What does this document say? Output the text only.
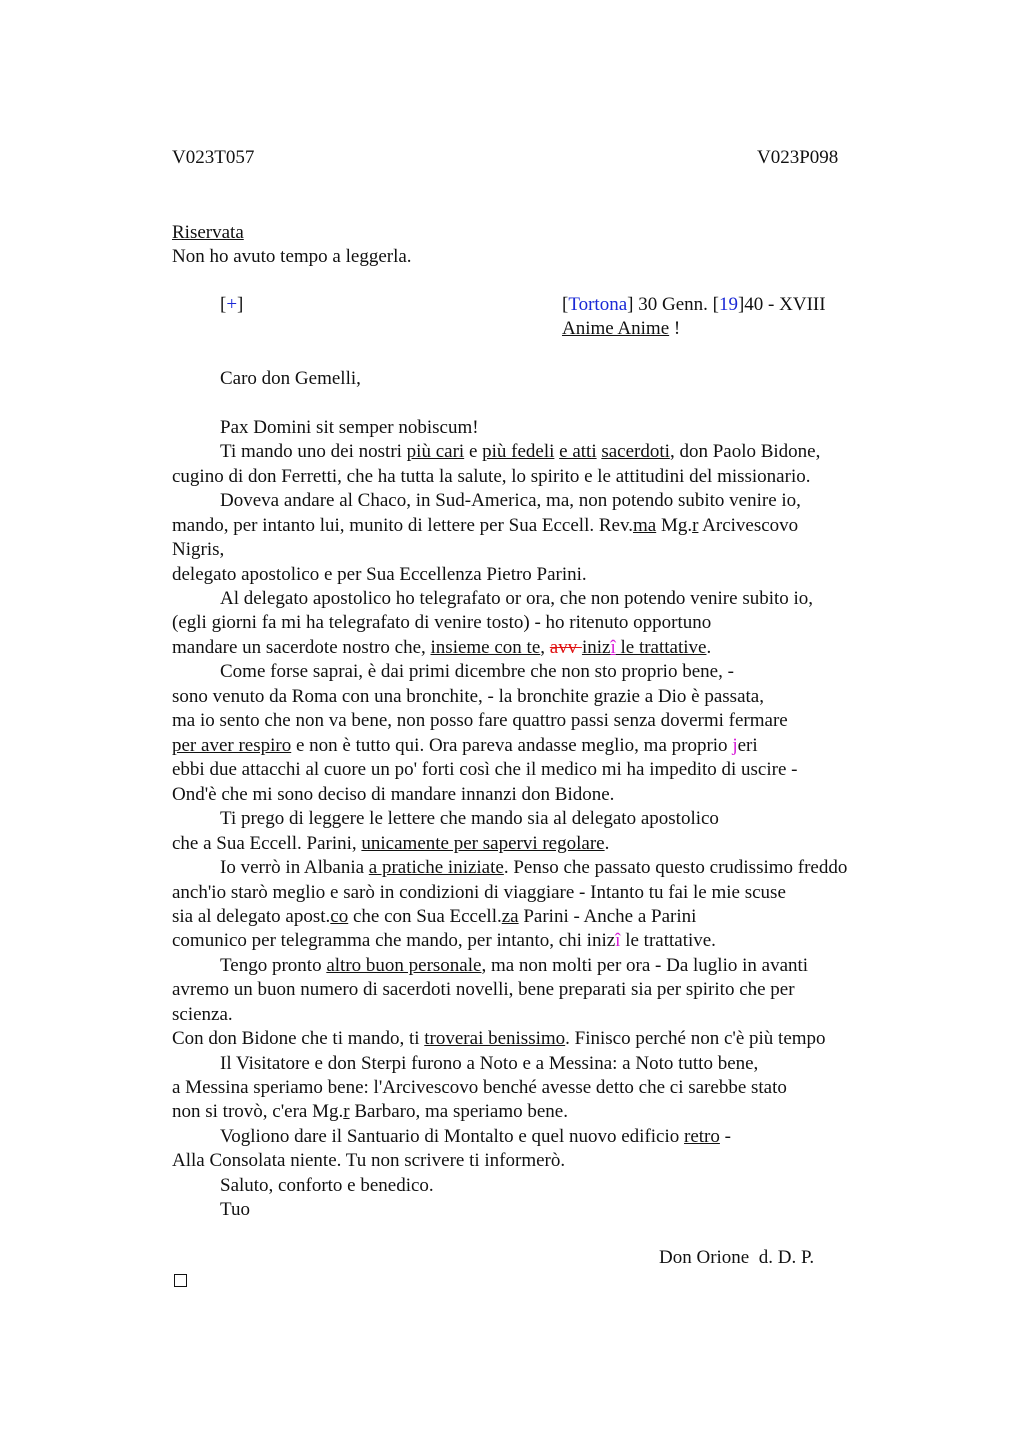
V023T057	V023P098
Riservata
Non ho avuto tempo a leggerla.
[+]	[Tortona] 30 Genn. [19]40 - XVIII
Anime Anime !
Caro don Gemelli,
Pax Domini sit semper nobiscum!
Ti mando uno dei nostri più cari e più fedeli e atti sacerdoti, don Paolo Bidone,
cugino di don Ferretti, che ha tutta la salute, lo spirito e le attitudini del missionario.
Doveva andare al Chaco, in Sud-America, ma, non potendo subito venire io,
mando, per intanto lui, munito di lettere per Sua Eccell. Rev.ma Mg.r Arcivescovo
Nigris,
delegato apostolico e per Sua Eccellenza Pietro Parini.
Al delegato apostolico ho telegrafato or ora, che non potendo venire subito io,
(egli giorni fa mi ha telegrafato di venire tosto) - ho ritenuto opportuno
mandare un sacerdote nostro che, insieme con te, avv inizî le trattative.
Come forse saprai, è dai primi dicembre che non sto proprio bene, -
sono venuto da Roma con una bronchite, - la bronchite grazie a Dio è passata,
ma io sento che non va bene, non posso fare quattro passi senza dovermi fermare
per aver respiro e non è tutto qui. Ora pareva andasse meglio, ma proprio jeri
ebbi due attacchi al cuore un po' forti così che il medico mi ha impedito di uscire -
Ond'è che mi sono deciso di mandare innanzi don Bidone.
Ti prego di leggere le lettere che mando sia al delegato apostolico
che a Sua Eccell. Parini, unicamente per sapervi regolare.
Io verrò in Albania a pratiche iniziate. Penso che passato questo crudissimo freddo
anch'io starò meglio e sarò in condizioni di viaggiare - Intanto tu fai le mie scuse
sia al delegato apost.co che con Sua Eccell.za Parini - Anche a Parini
comunico per telegramma che mando, per intanto, chi inizî le trattative.
Tengo pronto altro buon personale, ma non molti per ora - Da luglio in avanti
avremo un buon numero di sacerdoti novelli, bene preparati sia per spirito che per
scienza.
Con don Bidone che ti mando, ti troverai benissimo. Finisco perché non c'è più tempo
Il Visitatore e don Sterpi furono a Noto e a Messina: a Noto tutto bene,
a Messina speriamo bene: l'Arcivescovo benché avesse detto che ci sarebbe stato
non si trovò, c'era Mg.r Barbaro, ma speriamo bene.
Vogliono dare il Santuario di Montalto e quel nuovo edificio retro -
Alla Consolata niente. Tu non scrivere ti informerò.
Saluto, conforto e benedico.
Tuo
Don Orione  d. D. P.
